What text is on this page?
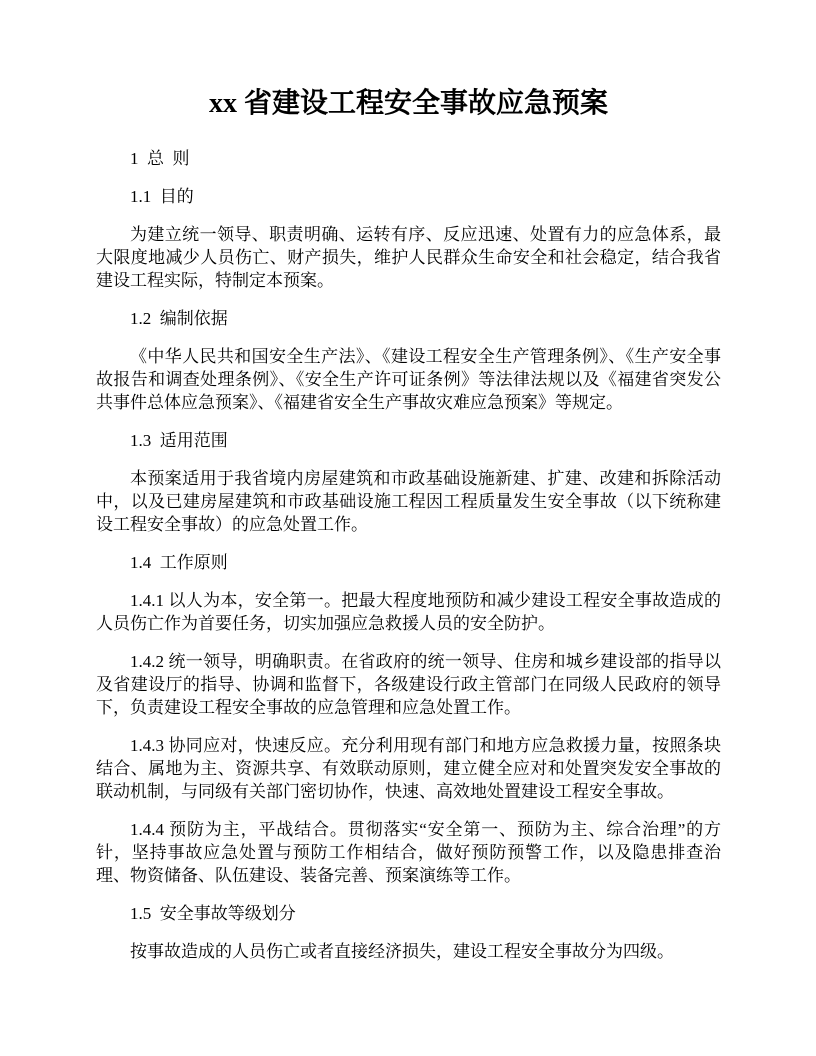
xx 省建设工程安全事故应急预案

1  总  则

1.1  目的

为建立统一领导、职责明确、运转有序、反应迅速、处置有力的应急体系，最大限度地减少人员伤亡、财产损失，维护人民群众生命安全和社会稳定，结合我省建设工程实际，特制定本预案。

1.2  编制依据

《中华人民共和国安全生产法》、《建设工程安全生产管理条例》、《生产安全事故报告和调查处理条例》、《安全生产许可证条例》等法律法规以及《福建省突发公共事件总体应急预案》、《福建省安全生产事故灾难应急预案》等规定。

1.3  适用范围

本预案适用于我省境内房屋建筑和市政基础设施新建、扩建、改建和拆除活动中，以及已建房屋建筑和市政基础设施工程因工程质量发生安全事故（以下统称建设工程安全事故）的应急处置工作。

1.4  工作原则

1.4.1 以人为本，安全第一。把最大程度地预防和减少建设工程安全事故造成的人员伤亡作为首要任务，切实加强应急救援人员的安全防护。

1.4.2 统一领导，明确职责。在省政府的统一领导、住房和城乡建设部的指导以及省建设厅的指导、协调和监督下，各级建设行政主管部门在同级人民政府的领导下，负责建设工程安全事故的应急管理和应急处置工作。

1.4.3 协同应对，快速反应。充分利用现有部门和地方应急救援力量，按照条块结合、属地为主、资源共享、有效联动原则，建立健全应对和处置突发安全事故的联动机制，与同级有关部门密切协作，快速、高效地处置建设工程安全事故。

1.4.4 预防为主，平战结合。贯彻落实“安全第一、预防为主、综合治理”的方针，坚持事故应急处置与预防工作相结合，做好预防预警工作，以及隐患排查治理、物资储备、队伍建设、装备完善、预案演练等工作。

1.5  安全事故等级划分

按事故造成的人员伤亡或者直接经济损失，建设工程安全事故分为四级。
